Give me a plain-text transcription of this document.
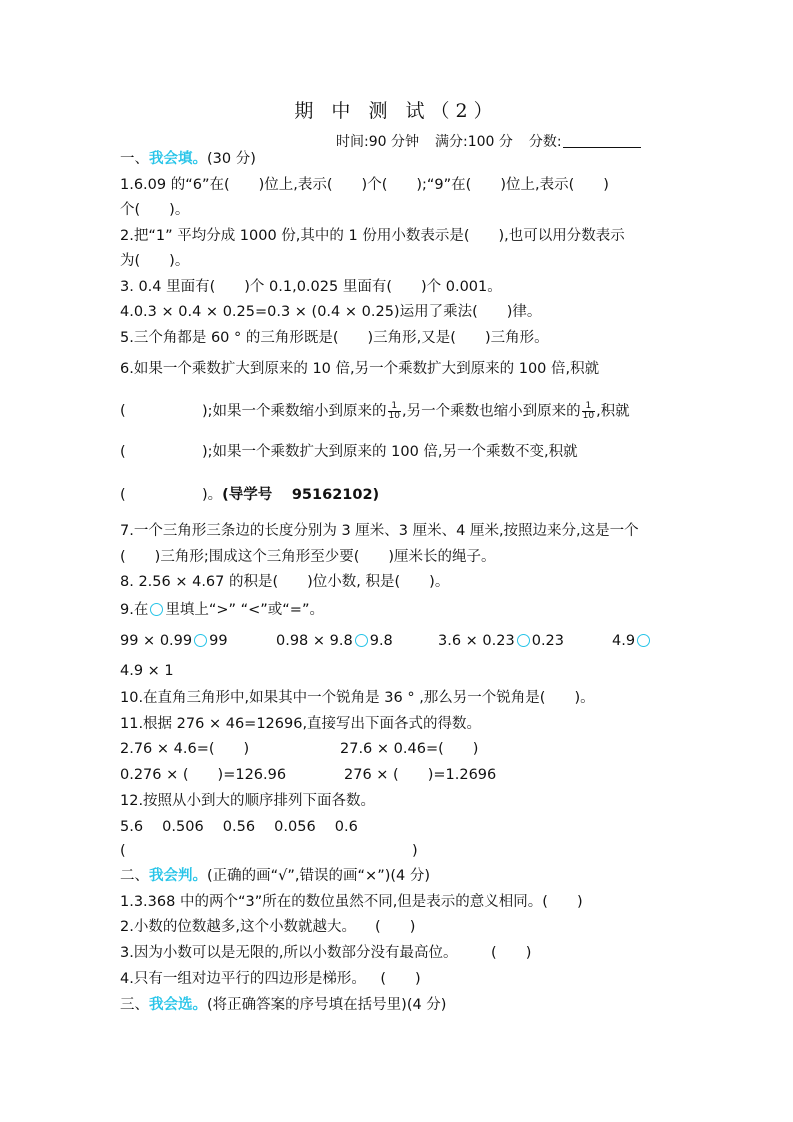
期 中 测 试（2）
时间:90 分钟 满分:100 分 分数:
一、我会填。(30 分)
1.6.09 的“6”在(  )位上,表示(  )个(  );“9”在(  )位上,表示(  )
个(  )。
2.把“1” 平均分成 1000 份,其中的 1 份用小数表示是(  ),也可以用分数表示
为(  )。
3. 0.4 里面有(  )个 0.1,0.025 里面有(  )个 0.001。
4.0.3 × 0.4 × 0.25=0.3 × (0.4 × 0.25)运用了乘法(  )律。
5.三个角都是 60 ° 的三角形既是(  )三角形,又是(  )三角形。
6.如果一个乘数扩大到原来的 10 倍,另一个乘数扩大到原来的 100 倍,积就
(	);如果一个乘数缩小到原来的 $\frac{1}{10}$ ,另一个乘数也缩小到原来的 $\frac{1}{10}$ ,积就
(	);如果一个乘数扩大到原来的 100 倍,另一个乘数不变,积就
(	)。(导学号  95162102)
7.一个三角形三条边的长度分别为 3 厘米、3 厘米、4 厘米,按照边来分,这是一个
(  )三角形;围成这个三角形至少要(  )厘米长的绳子。
8. 2.56 × 4.67 的积是(  )位小数, 积是(  )。
9.在 里填上“>” “<”或“=”。
99 × 0.99 99	0.98 × 9.8 9.8	3.6 × 0.23 0.23	4.9
4.9 × 1
10.在直角三角形中,如果其中一个锐角是 36 ° ,那么另一个锐角是(  )。
11.根据 276 × 46=12696,直接写出下面各式的得数。
2.76 × 4.6=(  )	27.6 × 0.46=(  )
0.276 × (  )=126.96	276 × (  )=1.2696
12.按照从小到大的顺序排列下面各数。
5.6  0.506  0.56  0.056  0.6
(	)
二、我会判。(正确的画“√”,错误的画“×”)(4 分)
1.3.368 中的两个“3”所在的数位虽然不同,但是表示的意义相同。(  )
2.小数的位数越多,这个小数就越大。  (  )
3.因为小数可以是无限的,所以小数部分没有最高位。   (  )
4.只有一组对边平行的四边形是梯形。 (  )
三、我会选。(将正确答案的序号填在括号里)(4 分)
